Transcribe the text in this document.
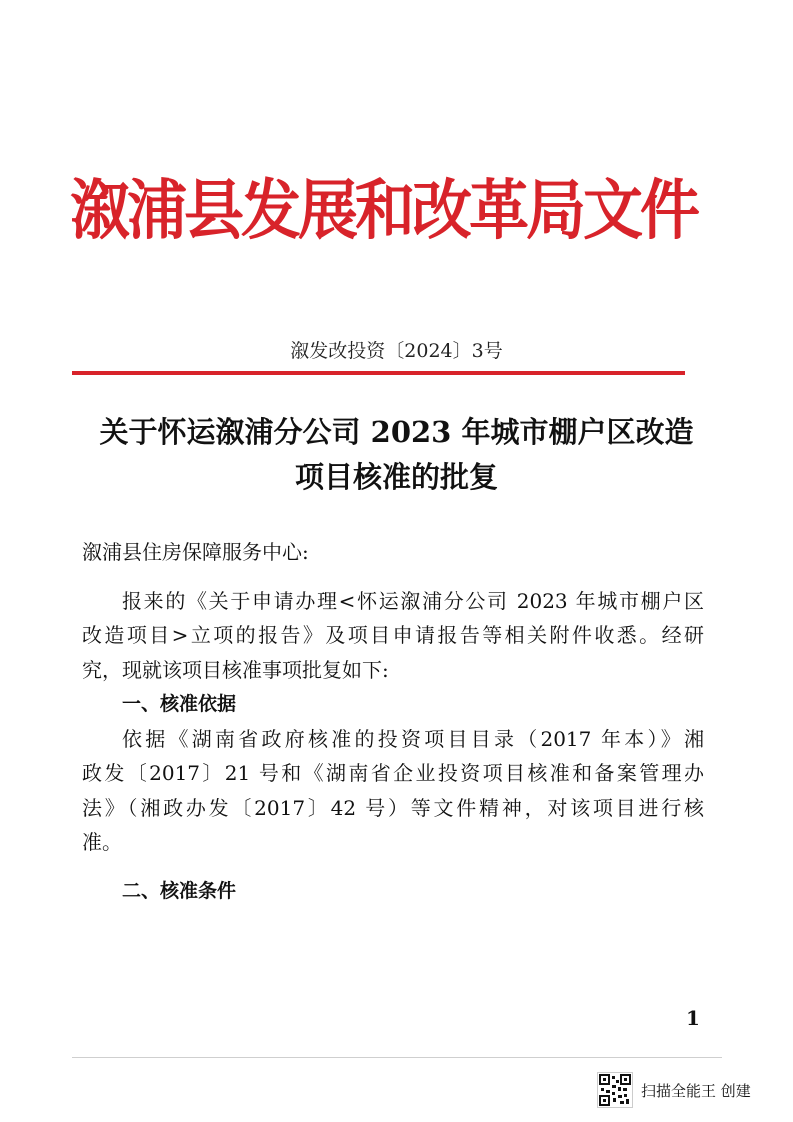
溆浦县发展和改革局文件
溆发改投资〔2024〕3号
关于怀运溆浦分公司 2023 年城市棚户区改造
项目核准的批复
溆浦县住房保障服务中心:
报来的《关于申请办理<怀运溆浦分公司 2023 年城市棚户区
改造项目>立项的报告》及项目申请报告等相关附件收悉。经研
究，现就该项目核准事项批复如下:
一、核准依据
依据《湖南省政府核准的投资项目目录（2017 年本）》湘
政发〔2017〕21 号和《湖南省企业投资项目核准和备案管理办
法》（湘政办发〔2017〕42 号）等文件精神，对该项目进行核
准。
二、核准条件
1
扫描全能王 创建
